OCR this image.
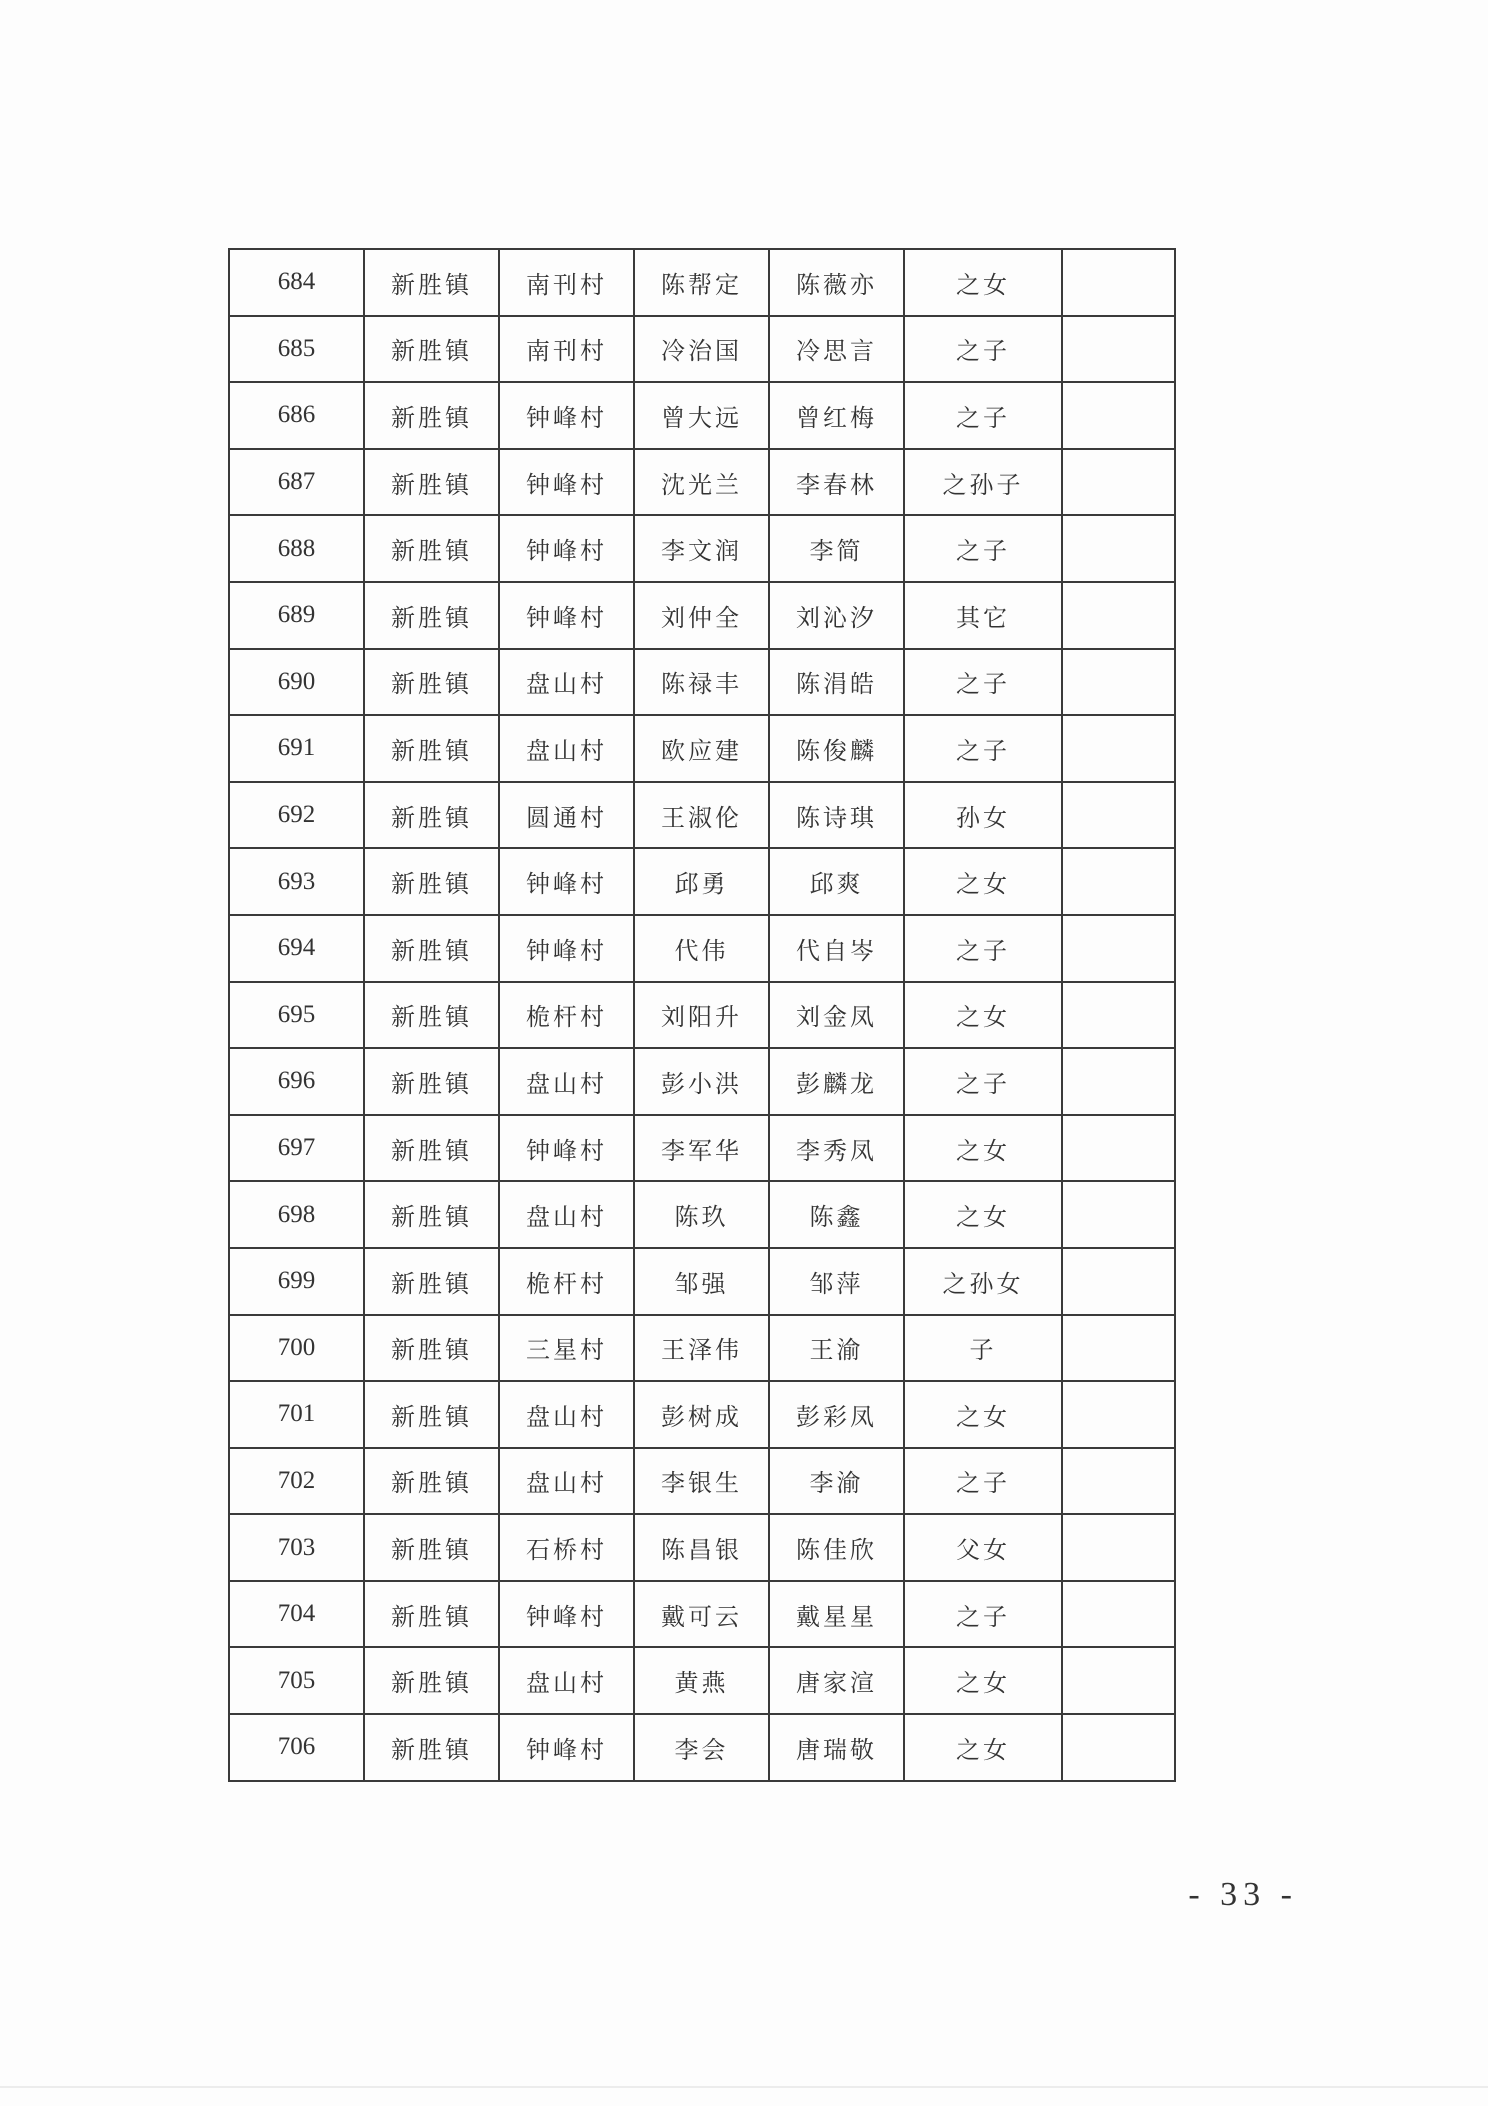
684	新胜镇	南刊村	陈帮定	陈薇亦	之女	
685	新胜镇	南刊村	冷治国	冷思言	之子	
686	新胜镇	钟峰村	曾大远	曾红梅	之子	
687	新胜镇	钟峰村	沈光兰	李春林	之孙子	
688	新胜镇	钟峰村	李文润	李简	之子	
689	新胜镇	钟峰村	刘仲全	刘沁汐	其它	
690	新胜镇	盘山村	陈禄丰	陈涓皓	之子	
691	新胜镇	盘山村	欧应建	陈俊麟	之子	
692	新胜镇	圆通村	王淑伦	陈诗琪	孙女	
693	新胜镇	钟峰村	邱勇	邱爽	之女	
694	新胜镇	钟峰村	代伟	代自岑	之子	
695	新胜镇	桅杆村	刘阳升	刘金凤	之女	
696	新胜镇	盘山村	彭小洪	彭麟龙	之子	
697	新胜镇	钟峰村	李军华	李秀凤	之女	
698	新胜镇	盘山村	陈玖	陈鑫	之女	
699	新胜镇	桅杆村	邹强	邹萍	之孙女	
700	新胜镇	三星村	王泽伟	王渝	子	
701	新胜镇	盘山村	彭树成	彭彩凤	之女	
702	新胜镇	盘山村	李银生	李渝	之子	
703	新胜镇	石桥村	陈昌银	陈佳欣	父女	
704	新胜镇	钟峰村	戴可云	戴星星	之子	
705	新胜镇	盘山村	黄燕	唐家渲	之女	
706	新胜镇	钟峰村	李会	唐瑞敬	之女	
- 33 -
